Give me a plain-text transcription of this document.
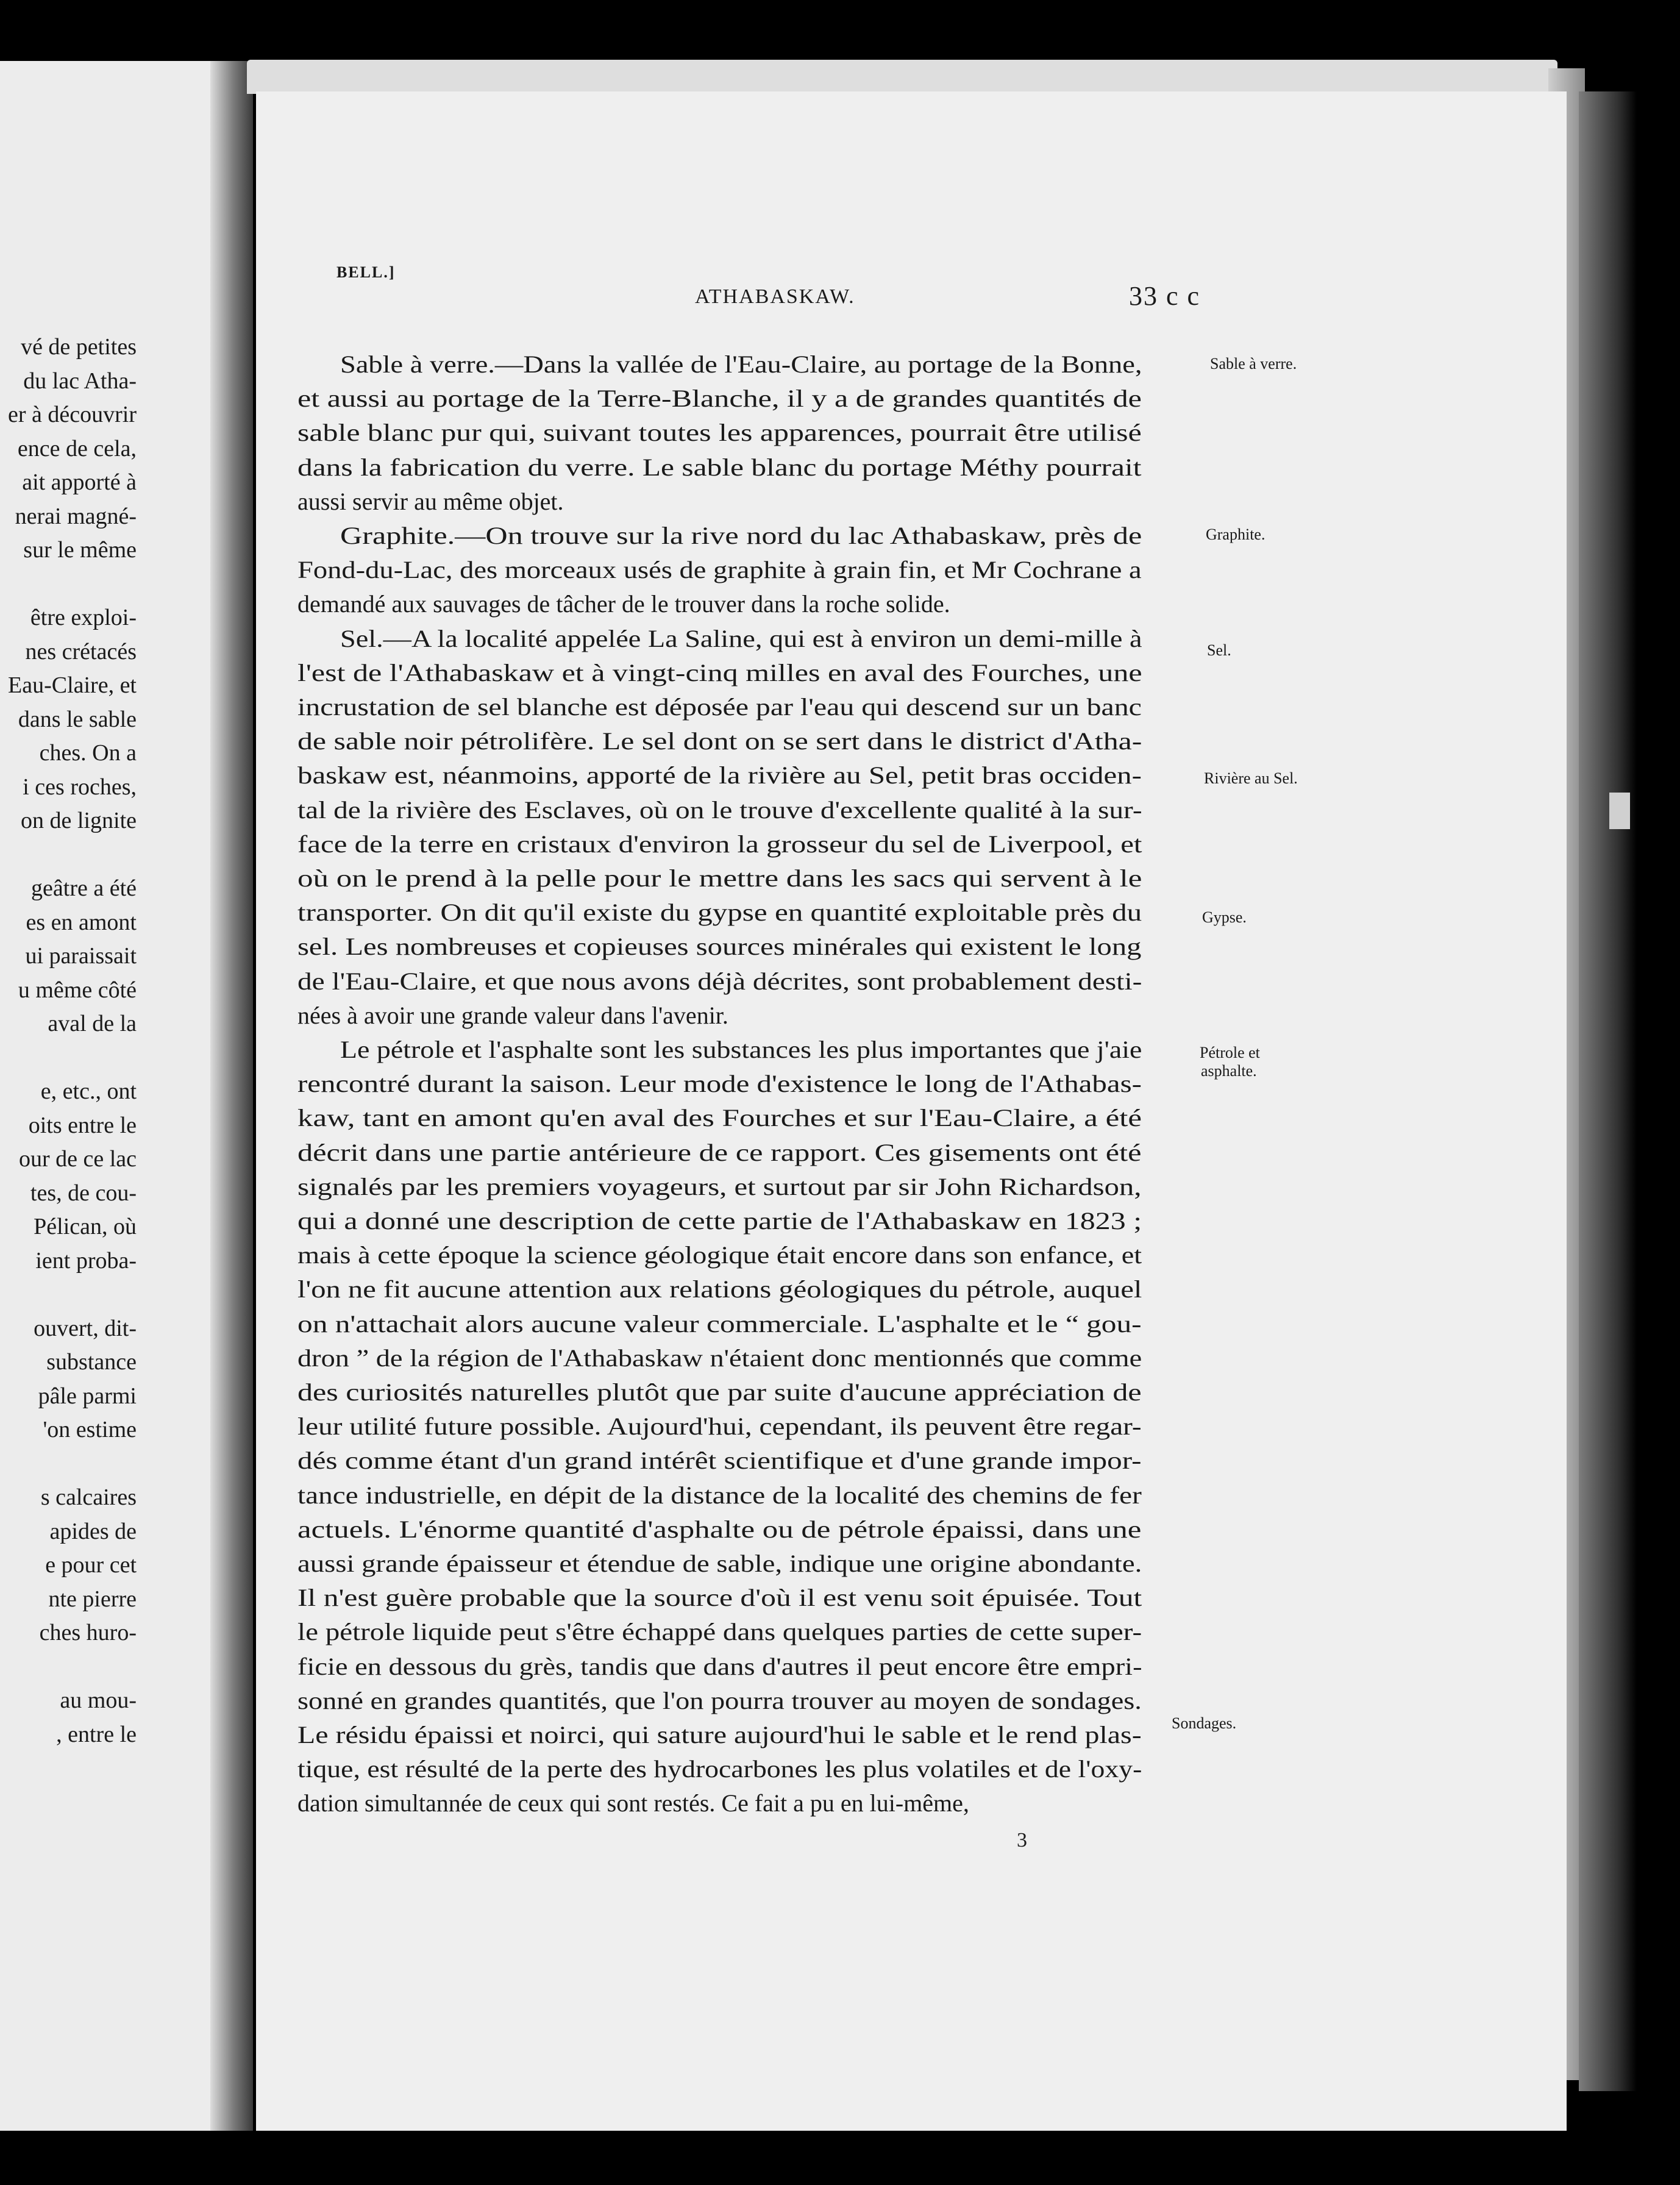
vé de petites
du lac Atha-
er à découvrir
ence de cela,
ait apporté à
nerai magné-
sur le même
être exploi-
nes crétacés
Eau-Claire, et
dans le sable
ches. On a
i ces roches,
on de lignite
geâtre a été
es en amont
ui paraissait
u même côté
aval de la
e, etc., ont
oits entre le
our de ce lac
tes, de cou-
Pélican, où
ient proba-
ouvert, dit-
substance
pâle parmi
'on estime
s calcaires
apides de
e pour cet
nte pierre
ches huro-
au mou-
, entre le
BELL.]
ATHABASKAW.	33 c c
Sable à verre.—Dans la vallée de l'Eau-Claire, au portage de la Bonne,
et aussi au portage de la Terre-Blanche, il y a de grandes quantités de
sable blanc pur qui, suivant toutes les apparences, pourrait être utilisé
dans la fabrication du verre. Le sable blanc du portage Méthy pourrait
aussi servir au même objet.
Graphite.—On trouve sur la rive nord du lac Athabaskaw, près de
Fond-du-Lac, des morceaux usés de graphite à grain fin, et Mr Cochrane a
demandé aux sauvages de tâcher de le trouver dans la roche solide.
Sel.—A la localité appelée La Saline, qui est à environ un demi-mille à
l'est de l'Athabaskaw et à vingt-cinq milles en aval des Fourches, une
incrustation de sel blanche est déposée par l'eau qui descend sur un banc
de sable noir pétrolifère. Le sel dont on se sert dans le district d'Atha-
baskaw est, néanmoins, apporté de la rivière au Sel, petit bras occiden-
tal de la rivière des Esclaves, où on le trouve d'excellente qualité à la sur-
face de la terre en cristaux d'environ la grosseur du sel de Liverpool, et
où on le prend à la pelle pour le mettre dans les sacs qui servent à le
transporter. On dit qu'il existe du gypse en quantité exploitable près du
sel. Les nombreuses et copieuses sources minérales qui existent le long
de l'Eau-Claire, et que nous avons déjà décrites, sont probablement desti-
nées à avoir une grande valeur dans l'avenir.
Le pétrole et l'asphalte sont les substances les plus importantes que j'aie
rencontré durant la saison. Leur mode d'existence le long de l'Athabas-
kaw, tant en amont qu'en aval des Fourches et sur l'Eau-Claire, a été
décrit dans une partie antérieure de ce rapport. Ces gisements ont été
signalés par les premiers voyageurs, et surtout par sir John Richardson,
qui a donné une description de cette partie de l'Athabaskaw en 1823 ;
mais à cette époque la science géologique était encore dans son enfance, et
l'on ne fit aucune attention aux relations géologiques du pétrole, auquel
on n'attachait alors aucune valeur commerciale. L'asphalte et le “ gou-
dron ” de la région de l'Athabaskaw n'étaient donc mentionnés que comme
des curiosités naturelles plutôt que par suite d'aucune appréciation de
leur utilité future possible. Aujourd'hui, cependant, ils peuvent être regar-
dés comme étant d'un grand intérêt scientifique et d'une grande impor-
tance industrielle, en dépit de la distance de la localité des chemins de fer
actuels. L'énorme quantité d'asphalte ou de pétrole épaissi, dans une
aussi grande épaisseur et étendue de sable, indique une origine abondante.
Il n'est guère probable que la source d'où il est venu soit épuisée. Tout
le pétrole liquide peut s'être échappé dans quelques parties de cette super-
ficie en dessous du grès, tandis que dans d'autres il peut encore être empri-
sonné en grandes quantités, que l'on pourra trouver au moyen de sondages.
Le résidu épaissi et noirci, qui sature aujourd'hui le sable et le rend plas-
tique, est résulté de la perte des hydrocarbones les plus volatiles et de l'oxy-
dation simultannée de ceux qui sont restés. Ce fait a pu en lui-même,
Sable à verre.
Graphite.
Sel.
Rivière au Sel.
Gypse.
Pétrole et
asphalte.
Sondages.
3
